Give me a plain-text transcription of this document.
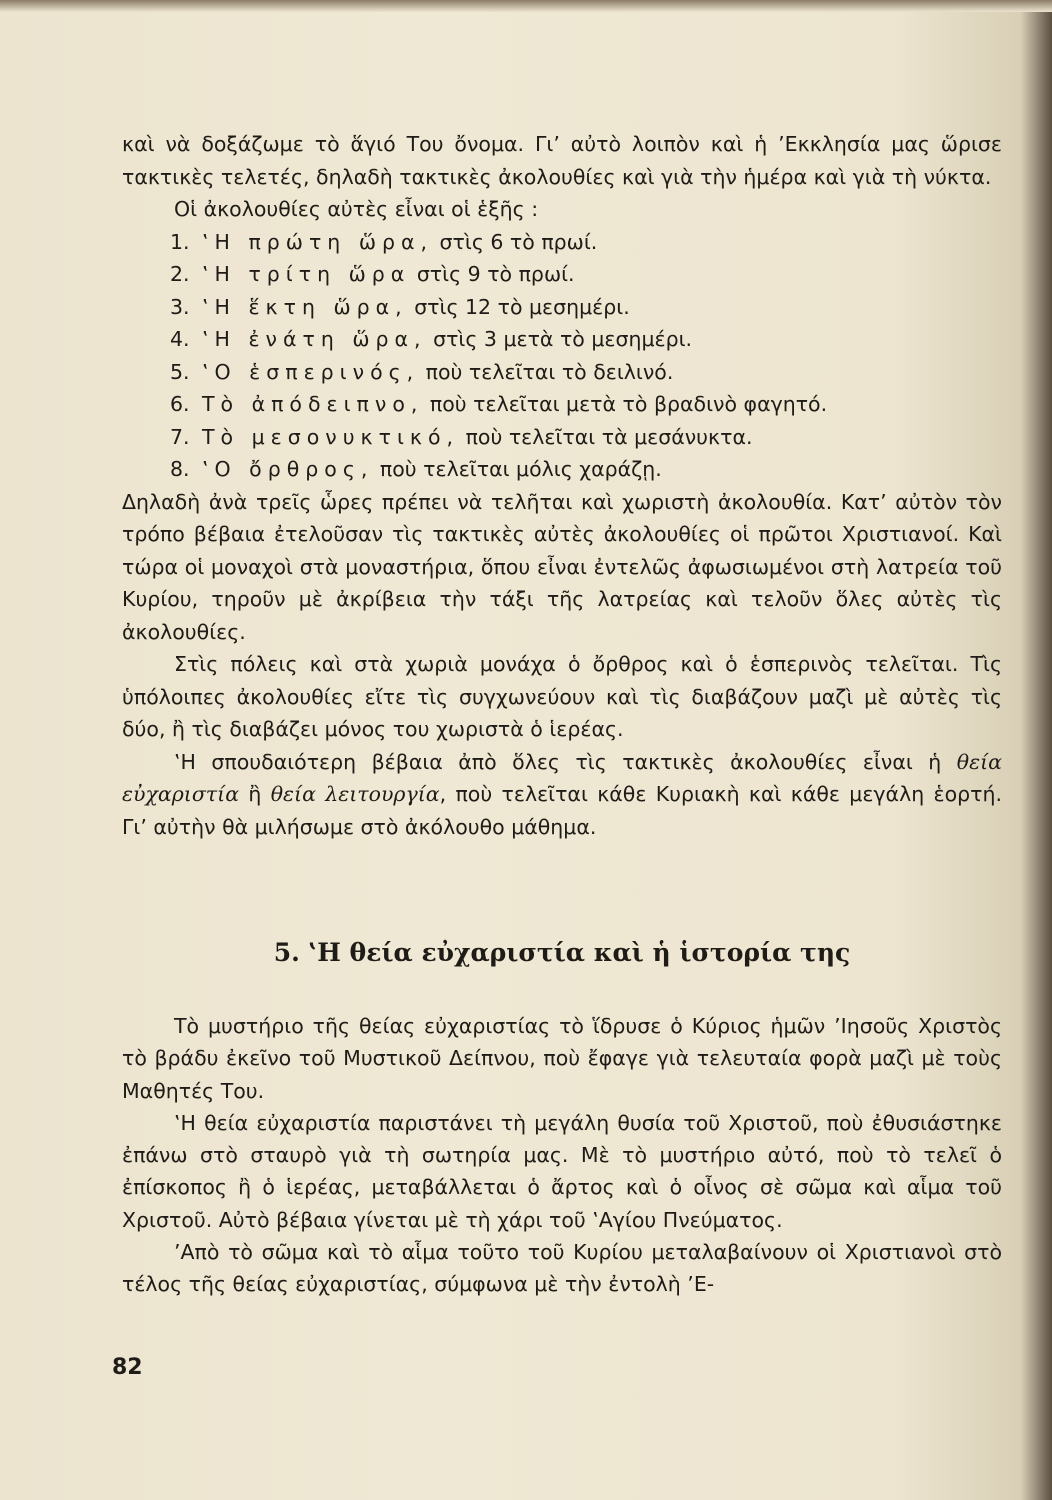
καὶ νὰ δοξάζωμε τὸ ἅγιό Του ὄνομα. Γι’ αὐτὸ λοιπὸν καὶ ἡ ’Εκκλησία μας ὥρισε τακτικὲς τελετές, δηλαδὴ τακτικὲς ἀκολουθίες καὶ γιὰ τὴν ἡμέρα καὶ γιὰ τὴ νύκτα.

Οἱ ἀκολουθίες αὐτὲς εἶναι οἱ ἑξῆς :

1. ‛Η πρώτη ὥρα, στὶς 6 τὸ πρωί.
2. ‛Η τρίτη ὥρα στὶς 9 τὸ πρωί.
3. ‛Η ἕκτη ὥρα, στὶς 12 τὸ μεσημέρι.
4. ‛Η ἐνάτη ὥρα, στὶς 3 μετὰ τὸ μεσημέρι.
5. ‛Ο ἑσπερινός, ποὺ τελεῖται τὸ δειλινό.
6. Τὸ ἀπόδειπνο, ποὺ τελεῖται μετὰ τὸ βραδινὸ φαγητό.
7. Τὸ μεσονυκτικό, ποὺ τελεῖται τὰ μεσάνυκτα.
8. ‛Ο ὄρθρος, ποὺ τελεῖται μόλις χαράζῃ.

Δηλαδὴ ἀνὰ τρεῖς ὧρες πρέπει νὰ τελῆται καὶ χωριστὴ ἀκολουθία. Κατ’ αὐτὸν τὸν τρόπο βέβαια ἐτελοῦσαν τὶς τακτικὲς αὐτὲς ἀκολουθίες οἱ πρῶτοι Χριστιανοί. Καὶ τώρα οἱ μοναχοὶ στὰ μοναστήρια, ὅπου εἶναι ἐντελῶς ἀφωσιωμένοι στὴ λατρεία τοῦ Κυρίου, τηροῦν μὲ ἀκρίβεια τὴν τάξι τῆς λατρείας καὶ τελοῦν ὅλες αὐτὲς τὶς ἀκολουθίες.

Στὶς πόλεις καὶ στὰ χωριὰ μονάχα ὁ ὄρθρος καὶ ὁ ἑσπερινὸς τελεῖται. Τὶς ὑπόλοιπες ἀκολουθίες εἴτε τὶς συγχωνεύουν καὶ τὶς διαβάζουν μαζὶ μὲ αὐτὲς τὶς δύο, ἢ τὶς διαβάζει μόνος του χωριστὰ ὁ ἱερέας.

‛Η σπουδαιότερη βέβαια ἀπὸ ὅλες τὶς τακτικὲς ἀκολουθίες εἶναι ἡ θεία εὐχαριστία ἢ θεία λειτουργία, ποὺ τελεῖται κάθε Κυριακὴ καὶ κάθε μεγάλη ἑορτή. Γι’ αὐτὴν θὰ μιλήσωμε στὸ ἀκόλουθο μάθημα.

5. ‛Η θεία εὐχαριστία καὶ ἡ ἱστορία της

Τὸ μυστήριο τῆς θείας εὐχαριστίας τὸ ἵδρυσε ὁ Κύριος ἡμῶν ’Ιησοῦς Χριστὸς τὸ βράδυ ἐκεῖνο τοῦ Μυστικοῦ Δείπνου, ποὺ ἔφαγε γιὰ τελευταία φορὰ μαζὶ μὲ τοὺς Μαθητές Του.

‛Η θεία εὐχαριστία παριστάνει τὴ μεγάλη θυσία τοῦ Χριστοῦ, ποὺ ἐθυσιάστηκε ἐπάνω στὸ σταυρὸ γιὰ τὴ σωτηρία μας. Μὲ τὸ μυστήριο αὐτό, ποὺ τὸ τελεῖ ὁ ἐπίσκοπος ἢ ὁ ἱερέας, μεταβάλλεται ὁ ἄρτος καὶ ὁ οἶνος σὲ σῶμα καὶ αἷμα τοῦ Χριστοῦ. Αὐτὸ βέβαια γίνεται μὲ τὴ χάρι τοῦ ‛Αγίου Πνεύματος.

’Απὸ τὸ σῶμα καὶ τὸ αἷμα τοῦτο τοῦ Κυρίου μεταλαβαίνουν οἱ Χριστιανοὶ στὸ τέλος τῆς θείας εὐχαριστίας, σύμφωνα μὲ τὴν ἐντολὴ ’Ε-

82
